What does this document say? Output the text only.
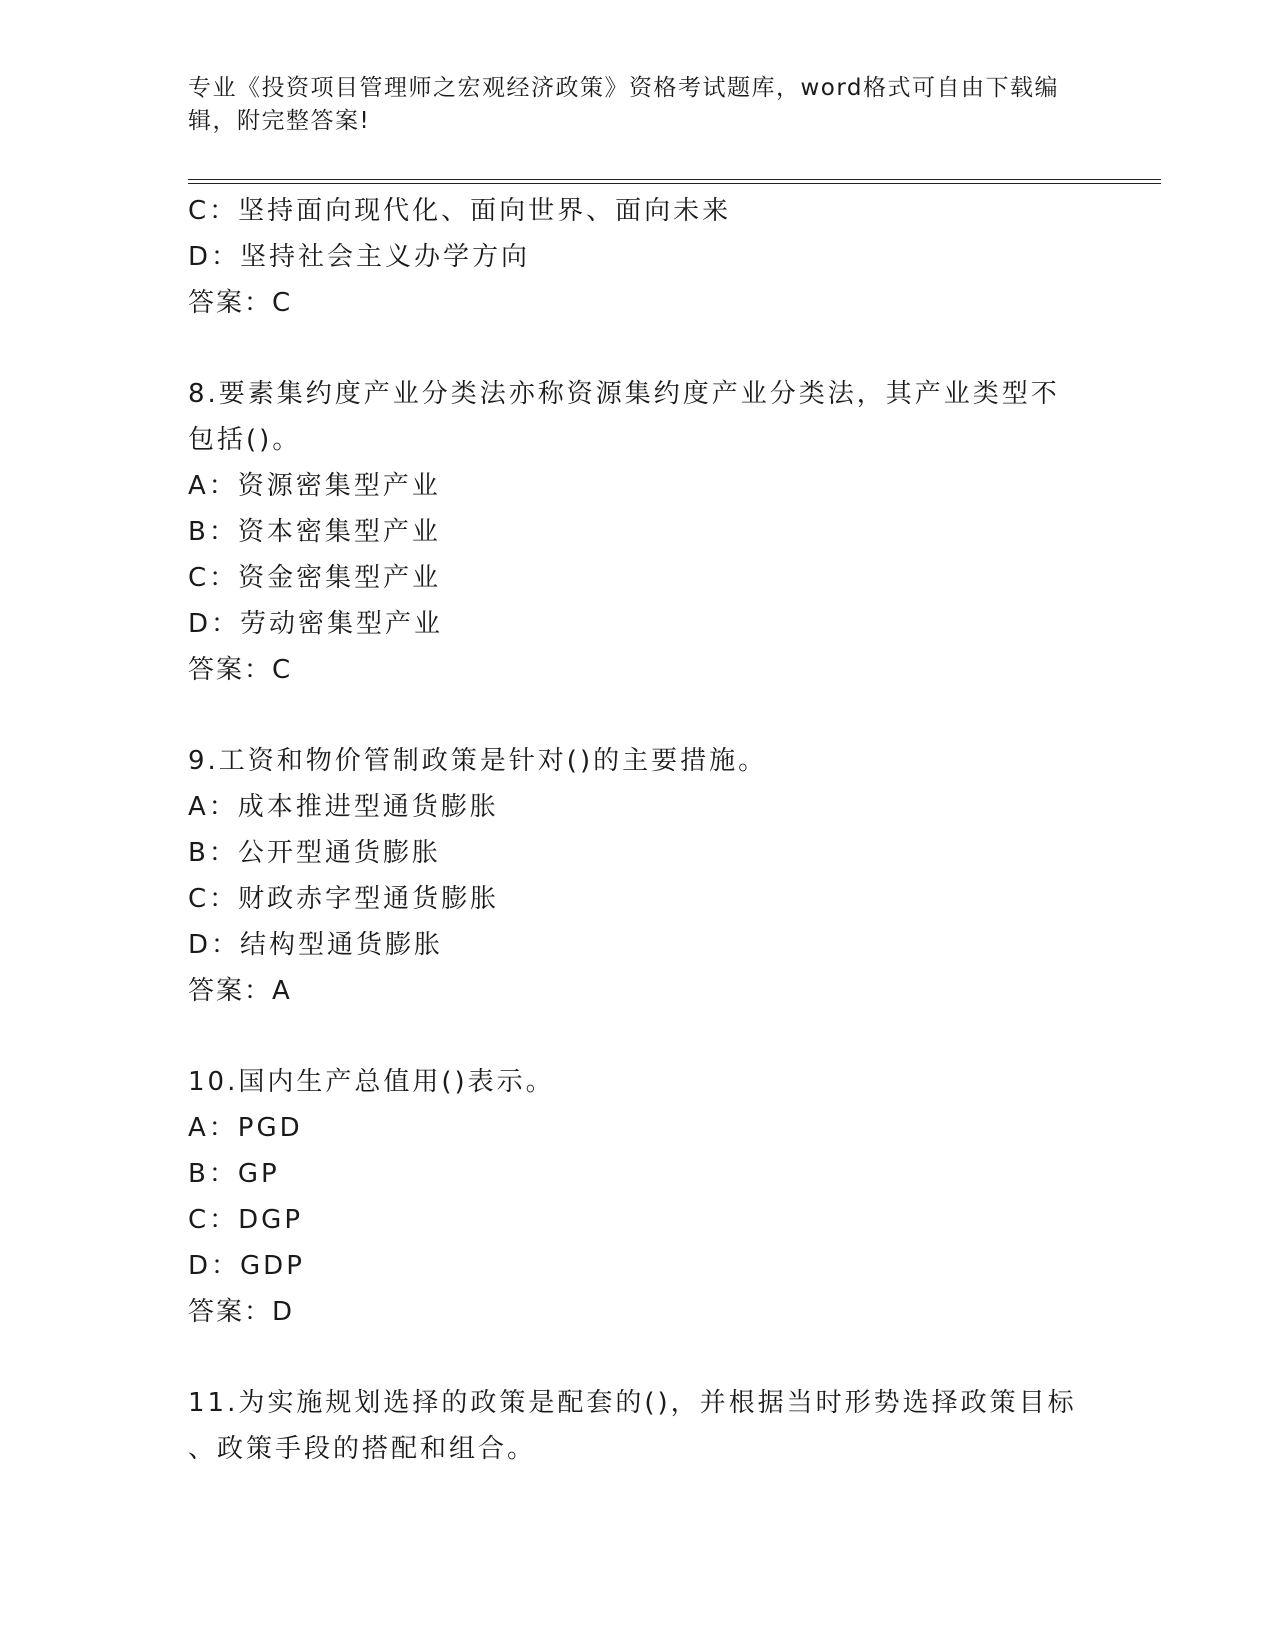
专业《投资项目管理师之宏观经济政策》资格考试题库，word格式可自由下载编
辑，附完整答案!
C：坚持面向现代化、面向世界、面向未来
D：坚持社会主义办学方向
答案：C
8.要素集约度产业分类法亦称资源集约度产业分类法，其产业类型不
包括()。
A：资源密集型产业
B：资本密集型产业
C：资金密集型产业
D：劳动密集型产业
答案：C
9.工资和物价管制政策是针对()的主要措施。
A：成本推进型通货膨胀
B：公开型通货膨胀
C：财政赤字型通货膨胀
D：结构型通货膨胀
答案：A
10.国内生产总值用()表示。
A：PGD
B：GP
C：DGP
D：GDP
答案：D
11.为实施规划选择的政策是配套的()，并根据当时形势选择政策目标
、政策手段的搭配和组合。
